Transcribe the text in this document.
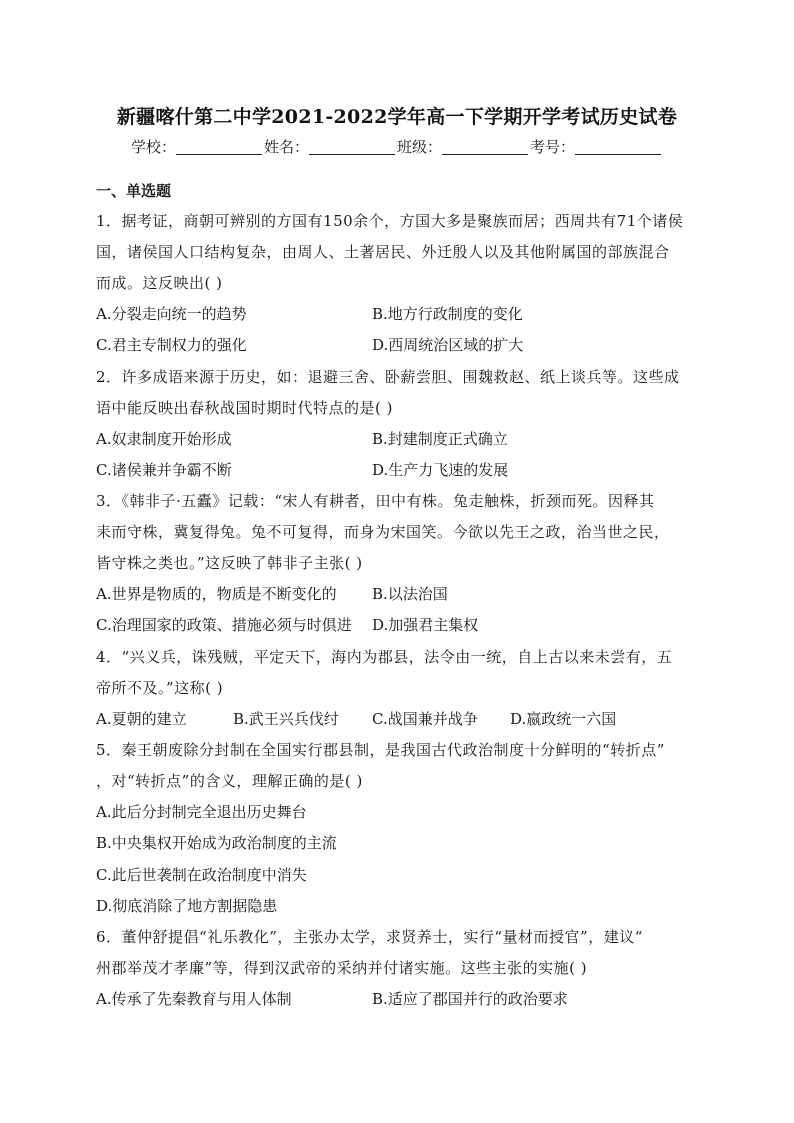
新疆喀什第二中学2021-2022学年高一下学期开学考试历史试卷
学校：	姓名：	班级：	考号：
一、单选题
1．据考证，商朝可辨别的方国有150余个，方国大多是聚族而居；西周共有71个诸侯
国，诸侯国人口结构复杂，由周人、土著居民、外迁殷人以及其他附属国的部族混合
而成。这反映出( )
A.分裂走向统一的趋势	B.地方行政制度的变化
C.君主专制权力的强化	D.西周统治区域的扩大
2．许多成语来源于历史，如：退避三舍、卧薪尝胆、围魏救赵、纸上谈兵等。这些成
语中能反映出春秋战国时期时代特点的是( )
A.奴隶制度开始形成	B.封建制度正式确立
C.诸侯兼并争霸不断	D.生产力飞速的发展
3．《韩非子·五蠹》记载：“宋人有耕者，田中有株。兔走触株，折颈而死。因释其
耒而守株，冀复得兔。兔不可复得，而身为宋国笑。今欲以先王之政，治当世之民，
皆守株之类也。”这反映了韩非子主张( )
A.世界是物质的，物质是不断变化的 B.以法治国
C.治理国家的政策、措施必须与时俱进 D.加强君主集权
4．“兴义兵，诛残贼，平定天下，海内为郡县，法令由一统，自上古以来未尝有，五
帝所不及。”这称( )
A.夏朝的建立	B.武王兴兵伐纣 C.战国兼并战争 D.嬴政统一六国
5．秦王朝废除分封制在全国实行郡县制，是我国古代政治制度十分鲜明的“转折点”
，对“转折点”的含义，理解正确的是( )
A.此后分封制完全退出历史舞台
B.中央集权开始成为政治制度的主流
C.此后世袭制在政治制度中消失
D.彻底消除了地方割据隐患
6．董仲舒提倡“礼乐教化”，主张办太学，求贤养士，实行“量材而授官”，建议“
州郡举茂才孝廉”等，得到汉武帝的采纳并付诸实施。这些主张的实施( )
A.传承了先秦教育与用人体制	B.适应了郡国并行的政治要求
